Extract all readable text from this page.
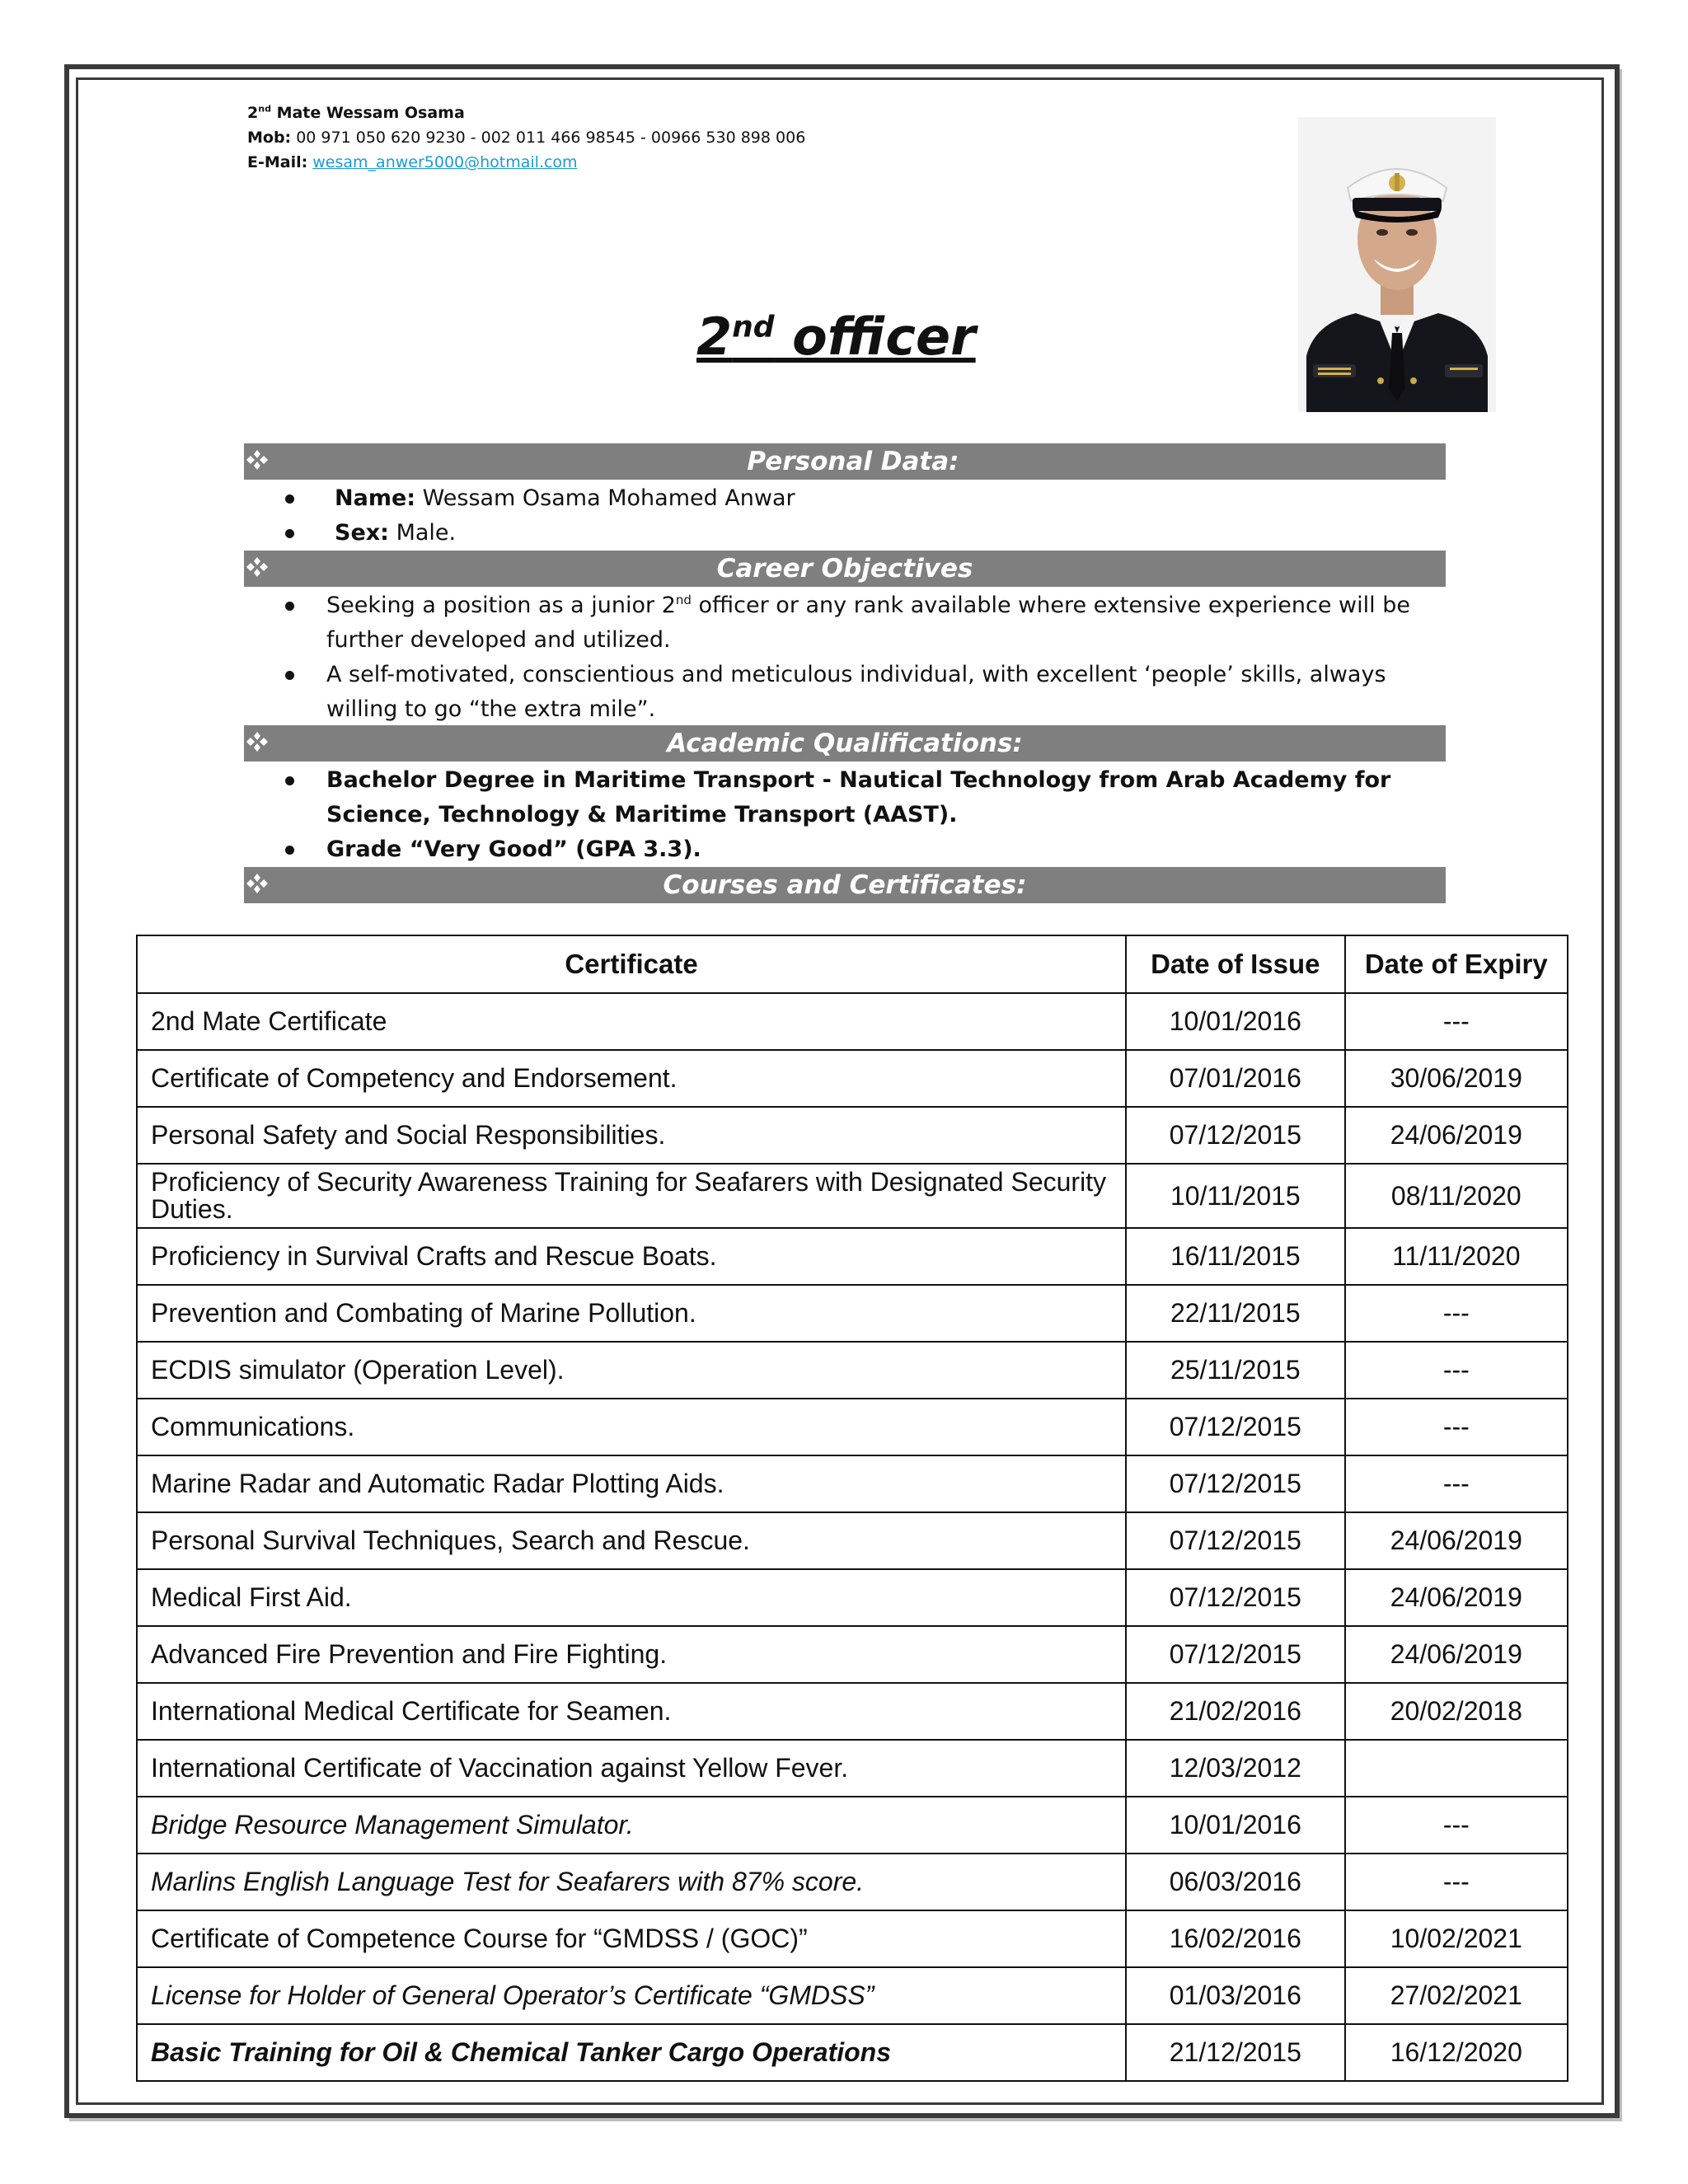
2nd Mate Wessam Osama
Mob: 00 971 050 620 9230 - 002 011 466 98545 - 00966 530 898 006
E-Mail: wesam_anwer5000@hotmail.com
2nd officer
Personal Data:
Name: Wessam Osama Mohamed Anwar
Sex: Male.
Career Objectives
Seeking a position as a junior 2nd officer or any rank available where extensive experience will be further developed and utilized.
A self-motivated, conscientious and meticulous individual, with excellent ‘people’ skills, always willing to go “the extra mile”.
Academic Qualifications:
Bachelor Degree in Maritime Transport - Nautical Technology from Arab Academy for Science, Technology & Maritime Transport (AAST).
Grade “Very Good” (GPA 3.3).
Courses and Certificates:
Certificate	Date of Issue	Date of Expiry
2nd Mate Certificate	10/01/2016	---
Certificate of Competency and Endorsement.	07/01/2016	30/06/2019
Personal Safety and Social Responsibilities.	07/12/2015	24/06/2019
Proficiency of Security Awareness Training for Seafarers with Designated Security Duties.	10/11/2015	08/11/2020
Proficiency in Survival Crafts and Rescue Boats.	16/11/2015	11/11/2020
Prevention and Combating of Marine Pollution.	22/11/2015	---
ECDIS simulator (Operation Level).	25/11/2015	---
Communications.	07/12/2015	---
Marine Radar and Automatic Radar Plotting Aids.	07/12/2015	---
Personal Survival Techniques, Search and Rescue.	07/12/2015	24/06/2019
Medical First Aid.	07/12/2015	24/06/2019
Advanced Fire Prevention and Fire Fighting.	07/12/2015	24/06/2019
International Medical Certificate for Seamen.	21/02/2016	20/02/2018
International Certificate of Vaccination against Yellow Fever.	12/03/2012	
Bridge Resource Management Simulator.	10/01/2016	---
Marlins English Language Test for Seafarers with 87% score.	06/03/2016	---
Certificate of Competence Course for “GMDSS / (GOC)”	16/02/2016	10/02/2021
License for Holder of General Operator’s Certificate “GMDSS”	01/03/2016	27/02/2021
Basic Training for Oil & Chemical Tanker Cargo Operations	21/12/2015	16/12/2020
